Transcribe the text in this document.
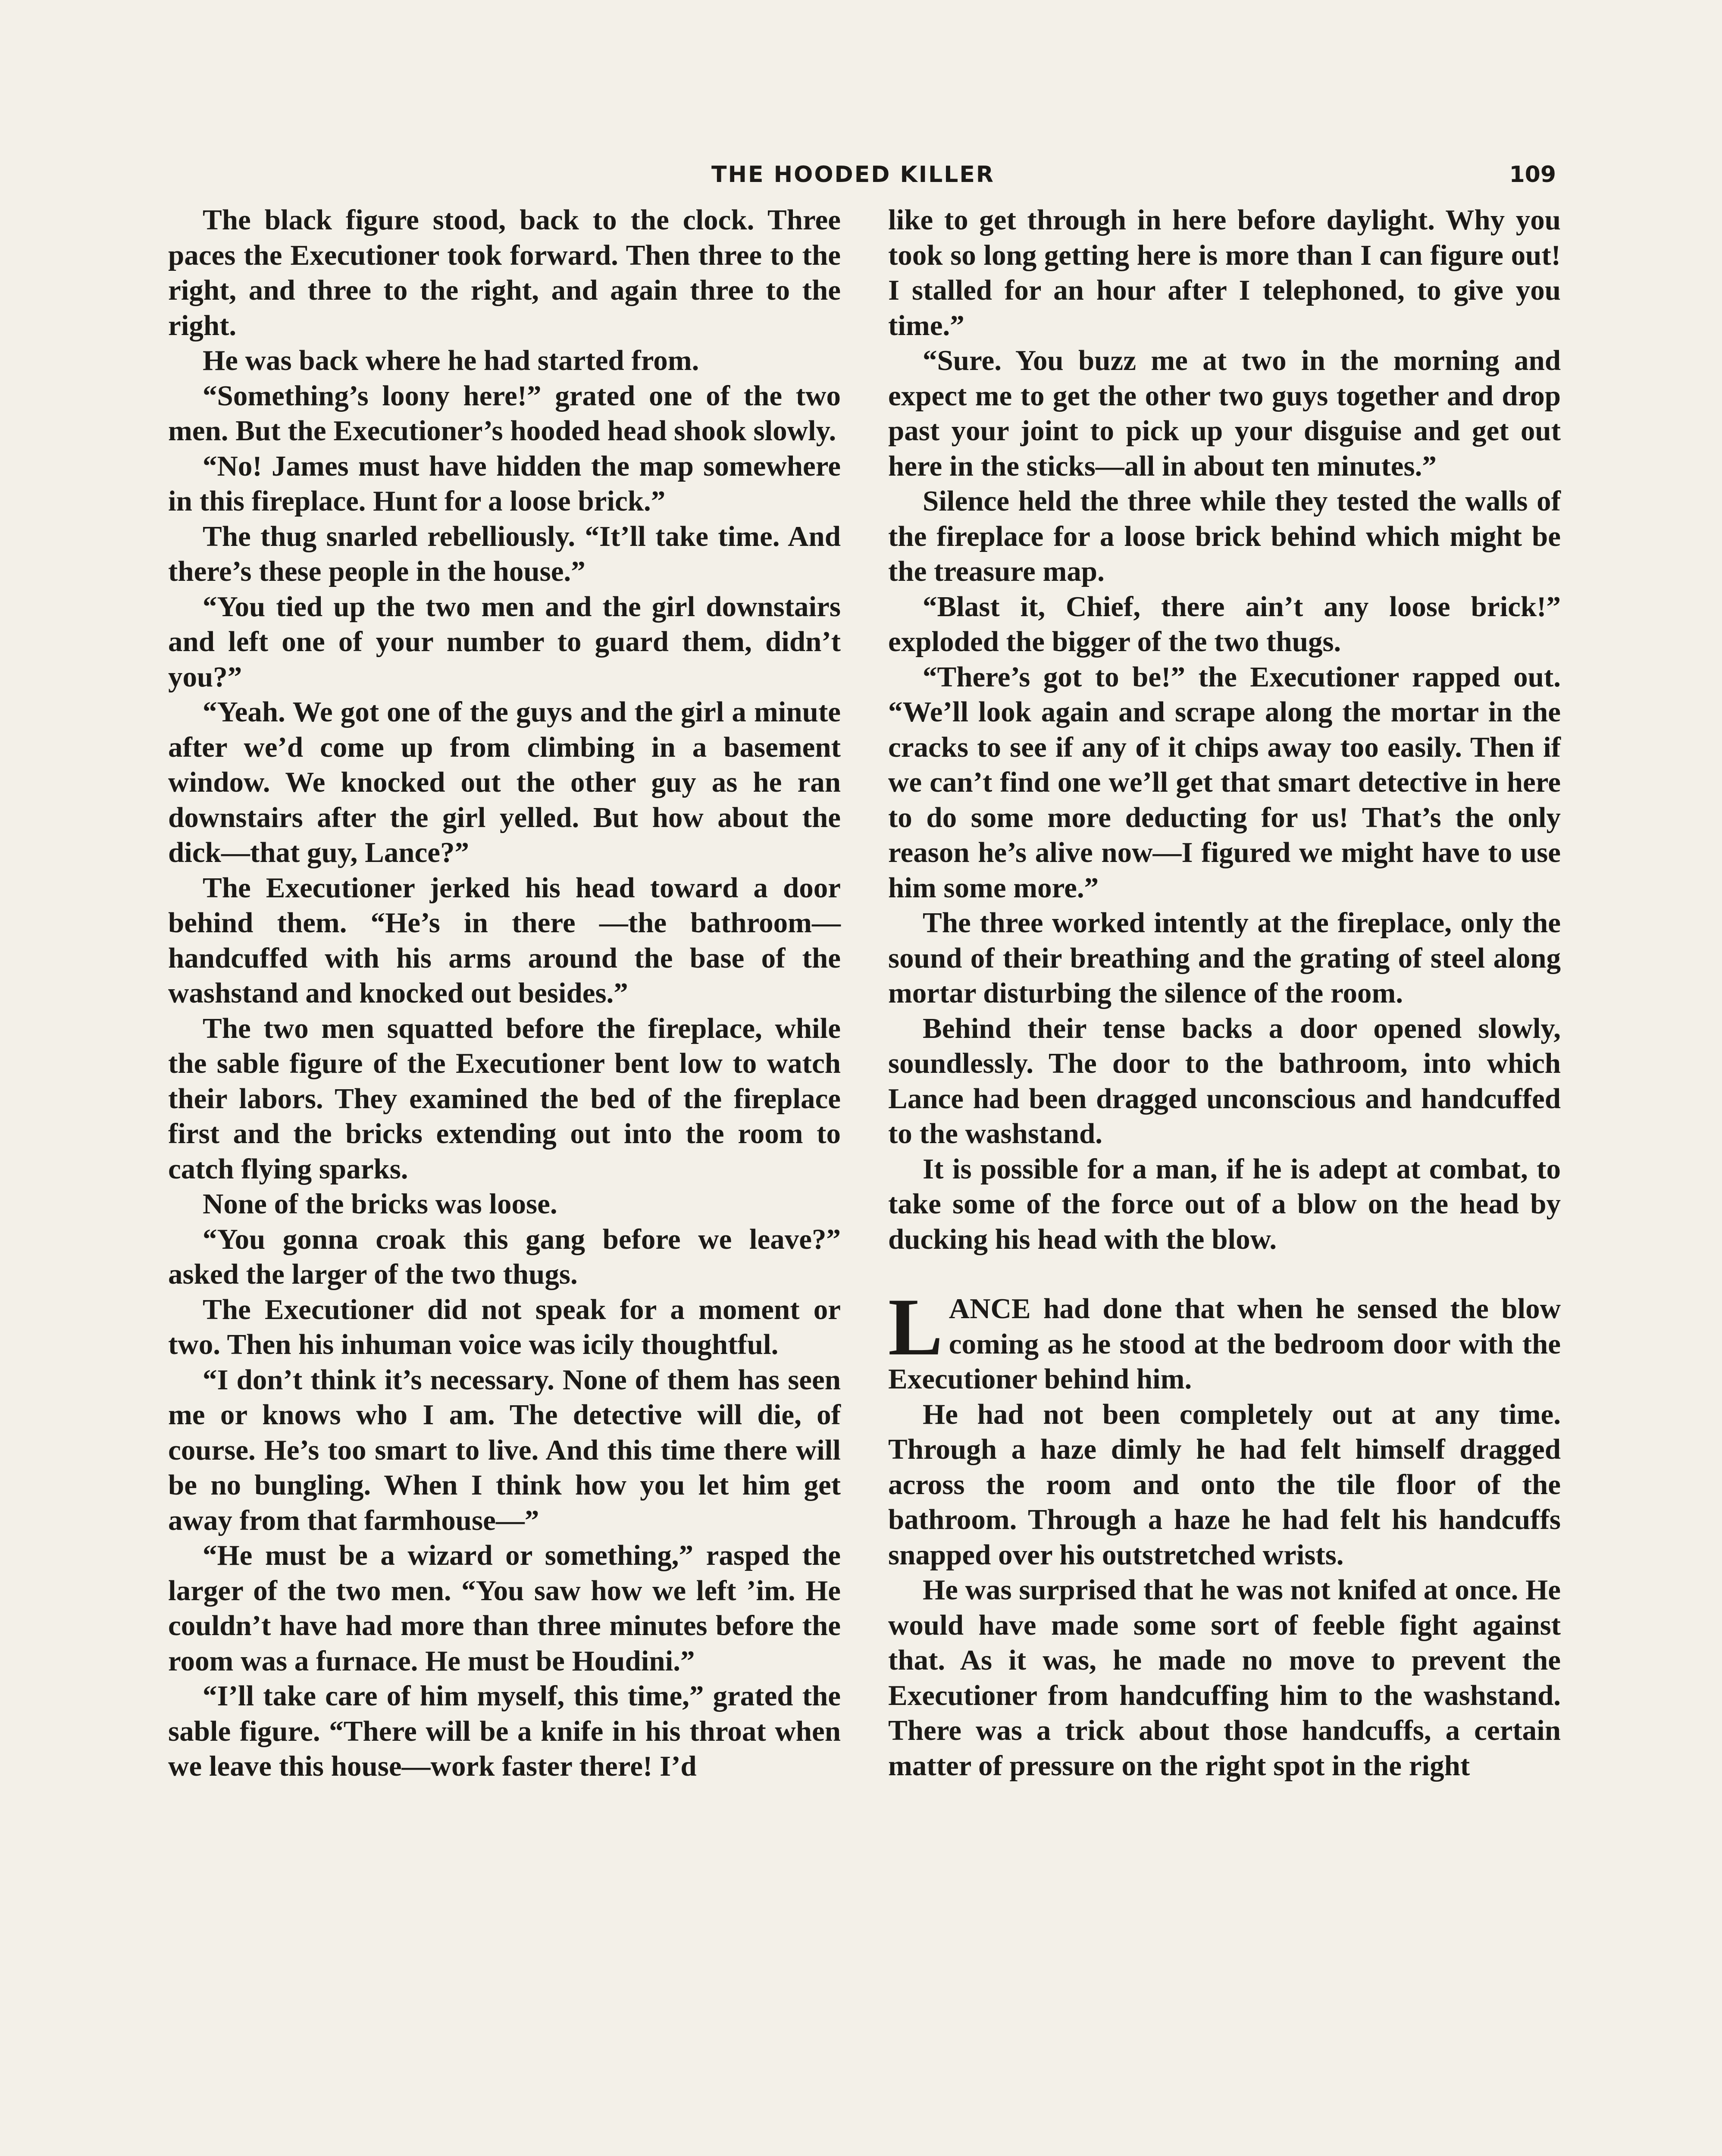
THE HOODED KILLER	109

The black figure stood, back to the clock. Three paces the Executioner took forward. Then three to the right, and three to the right, and again three to the right.

He was back where he had started from.

“Something’s loony here!” grated one of the two men. But the Executioner’s hooded head shook slowly.

“No! James must have hidden the map somewhere in this fireplace. Hunt for a loose brick.”

The thug snarled rebelliously. “It’ll take time. And there’s these people in the house.”

“You tied up the two men and the girl downstairs and left one of your number to guard them, didn’t you?”

“Yeah. We got one of the guys and the girl a minute after we’d come up from climbing in a basement window. We knocked out the other guy as he ran downstairs after the girl yelled. But how about the dick—that guy, Lance?”

The Executioner jerked his head toward a door behind them. “He’s in there —the bathroom—handcuffed with his arms around the base of the washstand and knocked out besides.”

The two men squatted before the fireplace, while the sable figure of the Executioner bent low to watch their labors. They examined the bed of the fireplace first and the bricks extending out into the room to catch flying sparks.

None of the bricks was loose.

“You gonna croak this gang before we leave?” asked the larger of the two thugs.

The Executioner did not speak for a moment or two. Then his inhuman voice was icily thoughtful.

“I don’t think it’s necessary. None of them has seen me or knows who I am. The detective will die, of course. He’s too smart to live. And this time there will be no bungling. When I think how you let him get away from that farmhouse—”

“He must be a wizard or something,” rasped the larger of the two men. “You saw how we left ’im. He couldn’t have had more than three minutes before the room was a furnace. He must be Houdini.”

“I’ll take care of him myself, this time,” grated the sable figure. “There will be a knife in his throat when we leave this house—work faster there! I’d

like to get through in here before daylight. Why you took so long getting here is more than I can figure out! I stalled for an hour after I telephoned, to give you time.”

“Sure. You buzz me at two in the morning and expect me to get the other two guys together and drop past your joint to pick up your disguise and get out here in the sticks—all in about ten minutes.”

Silence held the three while they tested the walls of the fireplace for a loose brick behind which might be the treasure map.

“Blast it, Chief, there ain’t any loose brick!” exploded the bigger of the two thugs.

“There’s got to be!” the Executioner rapped out. “We’ll look again and scrape along the mortar in the cracks to see if any of it chips away too easily. Then if we can’t find one we’ll get that smart detective in here to do some more deducting for us! That’s the only reason he’s alive now—I figured we might have to use him some more.”

The three worked intently at the fireplace, only the sound of their breathing and the grating of steel along mortar disturbing the silence of the room.

Behind their tense backs a door opened slowly, soundlessly. The door to the bathroom, into which Lance had been dragged unconscious and handcuffed to the washstand.

It is possible for a man, if he is adept at combat, to take some of the force out of a blow on the head by ducking his head with the blow.

LANCE had done that when he sensed the blow coming as he stood at the bedroom door with the Executioner behind him.

He had not been completely out at any time. Through a haze dimly he had felt himself dragged across the room and onto the tile floor of the bathroom. Through a haze he had felt his handcuffs snapped over his outstretched wrists.

He was surprised that he was not knifed at once. He would have made some sort of feeble fight against that. As it was, he made no move to prevent the Executioner from handcuffing him to the washstand. There was a trick about those handcuffs, a certain matter of pressure on the right spot in the right
